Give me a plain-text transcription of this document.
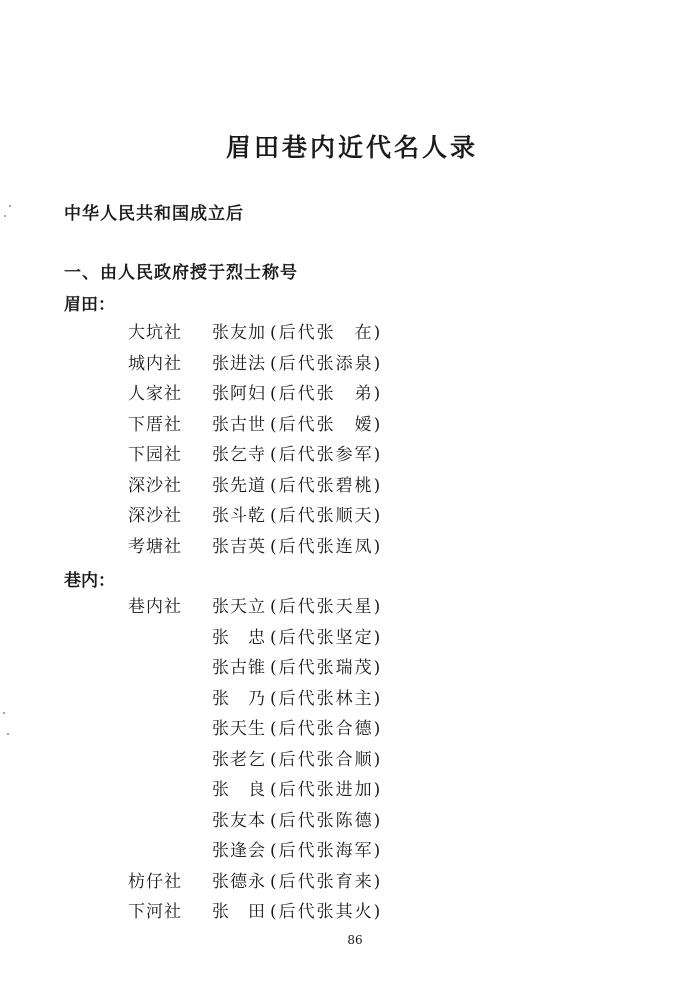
眉田巷内近代名人录
中华人民共和国成立后
一、由人民政府授于烈士称号
眉田：
大坑社 张友加 (后代张　在)
城内社 张进法 (后代张添泉)
人家社 张阿妇 (后代张　弟)
下厝社 张古世 (后代张　嫒)
下园社 张乞寺 (后代张参军)
深沙社 张先道 (后代张碧桃)
深沙社 张斗乾 (后代张顺天)
考塘社 张吉英 (后代张连凤)
巷内：
巷内社 张天立 (后代张天星)
张　忠 (后代张坚定)
张古锥 (后代张瑞茂)
张　乃 (后代张林主)
张天生 (后代张合德)
张老乞 (后代张合顺)
张　良 (后代张进加)
张友本 (后代张陈德)
张逢会 (后代张海军)
枋仔社 张德永 (后代张育来)
下河社 张　田 (后代张其火)
86
